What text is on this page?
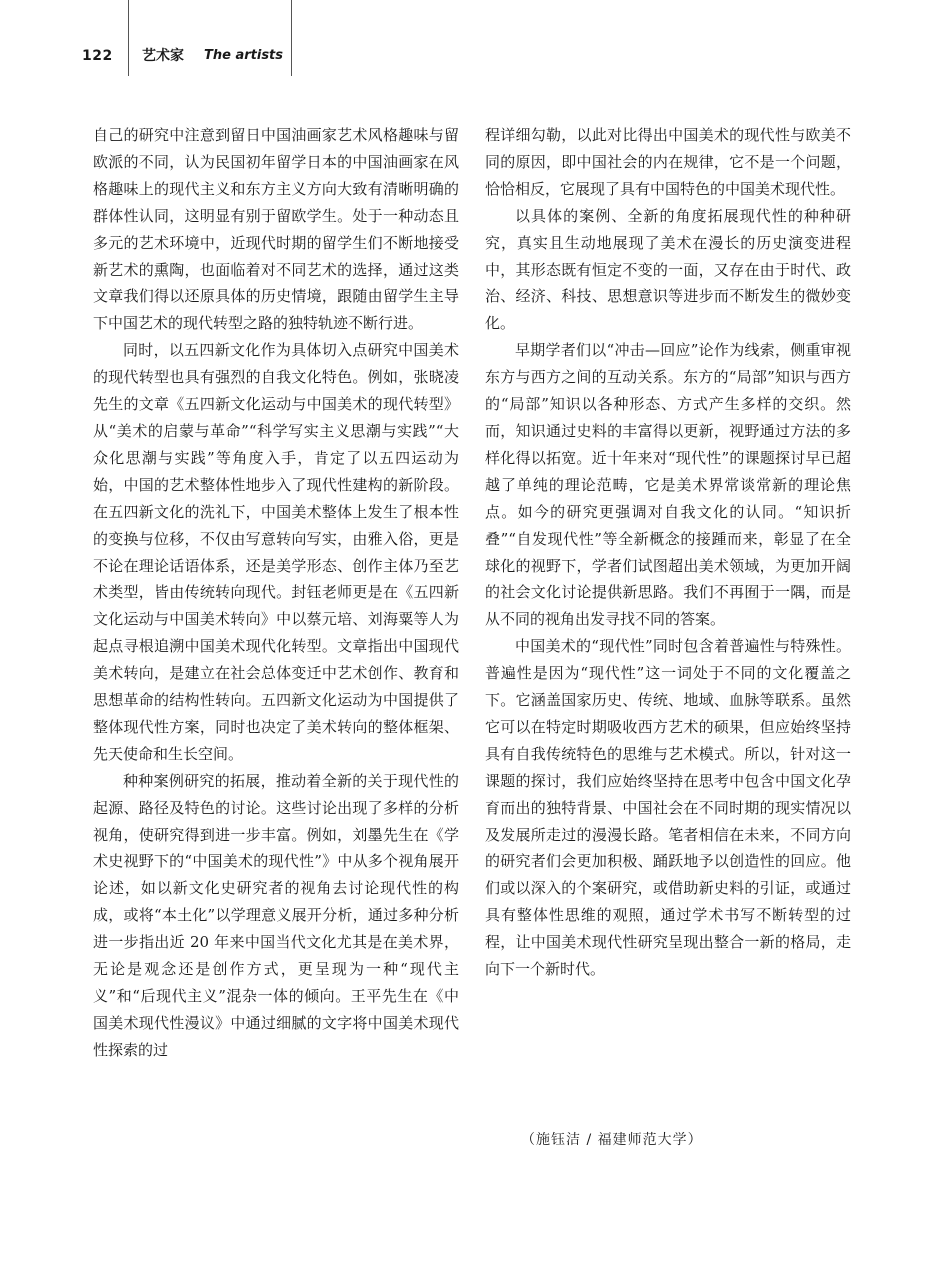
122 艺术家 The artists

自己的研究中注意到留日中国油画家艺术风格趣味与留欧派的不同，认为民国初年留学日本的中国油画家在风格趣味上的现代主义和东方主义方向大致有清晰明确的群体性认同，这明显有别于留欧学生。处于一种动态且多元的艺术环境中，近现代时期的留学生们不断地接受新艺术的熏陶，也面临着对不同艺术的选择，通过这类文章我们得以还原具体的历史情境，跟随由留学生主导下中国艺术的现代转型之路的独特轨迹不断行进。

同时，以五四新文化作为具体切入点研究中国美术的现代转型也具有强烈的自我文化特色。例如，张晓凌先生的文章《五四新文化运动与中国美术的现代转型》从“美术的启蒙与革命”“科学写实主义思潮与实践”“大众化思潮与实践”等角度入手，肯定了以五四运动为始，中国的艺术整体性地步入了现代性建构的新阶段。在五四新文化的洗礼下，中国美术整体上发生了根本性的变换与位移，不仅由写意转向写实，由雅入俗，更是不论在理论话语体系，还是美学形态、创作主体乃至艺术类型，皆由传统转向现代。封钰老师更是在《五四新文化运动与中国美术转向》中以蔡元培、刘海粟等人为起点寻根追溯中国美术现代化转型。文章指出中国现代美术转向，是建立在社会总体变迁中艺术创作、教育和思想革命的结构性转向。五四新文化运动为中国提供了整体现代性方案，同时也决定了美术转向的整体框架、先天使命和生长空间。

种种案例研究的拓展，推动着全新的关于现代性的起源、路径及特色的讨论。这些讨论出现了多样的分析视角，使研究得到进一步丰富。例如，刘墨先生在《学术史视野下的“中国美术的现代性”》中从多个视角展开论述，如以新文化史研究者的视角去讨论现代性的构成，或将“本土化”以学理意义展开分析，通过多种分析进一步指出近 20 年来中国当代文化尤其是在美术界，无论是观念还是创作方式，更呈现为一种“现代主义”和“后现代主义”混杂一体的倾向。王平先生在《中国美术现代性漫议》中通过细腻的文字将中国美术现代性探索的过

程详细勾勒，以此对比得出中国美术的现代性与欧美不同的原因，即中国社会的内在规律，它不是一个问题，恰恰相反，它展现了具有中国特色的中国美术现代性。

以具体的案例、全新的角度拓展现代性的种种研究，真实且生动地展现了美术在漫长的历史演变进程中，其形态既有恒定不变的一面，又存在由于时代、政治、经济、科技、思想意识等进步而不断发生的微妙变化。

早期学者们以“冲击—回应”论作为线索，侧重审视东方与西方之间的互动关系。东方的“局部”知识与西方的“局部”知识以各种形态、方式产生多样的交织。然而，知识通过史料的丰富得以更新，视野通过方法的多样化得以拓宽。近十年来对“现代性”的课题探讨早已超越了单纯的理论范畴，它是美术界常谈常新的理论焦点。如今的研究更强调对自我文化的认同。“知识折叠”“自发现代性”等全新概念的接踵而来，彰显了在全球化的视野下，学者们试图超出美术领域，为更加开阔的社会文化讨论提供新思路。我们不再囿于一隅，而是从不同的视角出发寻找不同的答案。

中国美术的“现代性”同时包含着普遍性与特殊性。普遍性是因为“现代性”这一词处于不同的文化覆盖之下。它涵盖国家历史、传统、地域、血脉等联系。虽然它可以在特定时期吸收西方艺术的硕果，但应始终坚持具有自我传统特色的思维与艺术模式。所以，针对这一课题的探讨，我们应始终坚持在思考中包含中国文化孕育而出的独特背景、中国社会在不同时期的现实情况以及发展所走过的漫漫长路。笔者相信在未来，不同方向的研究者们会更加积极、踊跃地予以创造性的回应。他们或以深入的个案研究，或借助新史料的引证，或通过具有整体性思维的观照，通过学术书写不断转型的过程，让中国美术现代性研究呈现出整合一新的格局，走向下一个新时代。

（施钰洁 / 福建师范大学）
